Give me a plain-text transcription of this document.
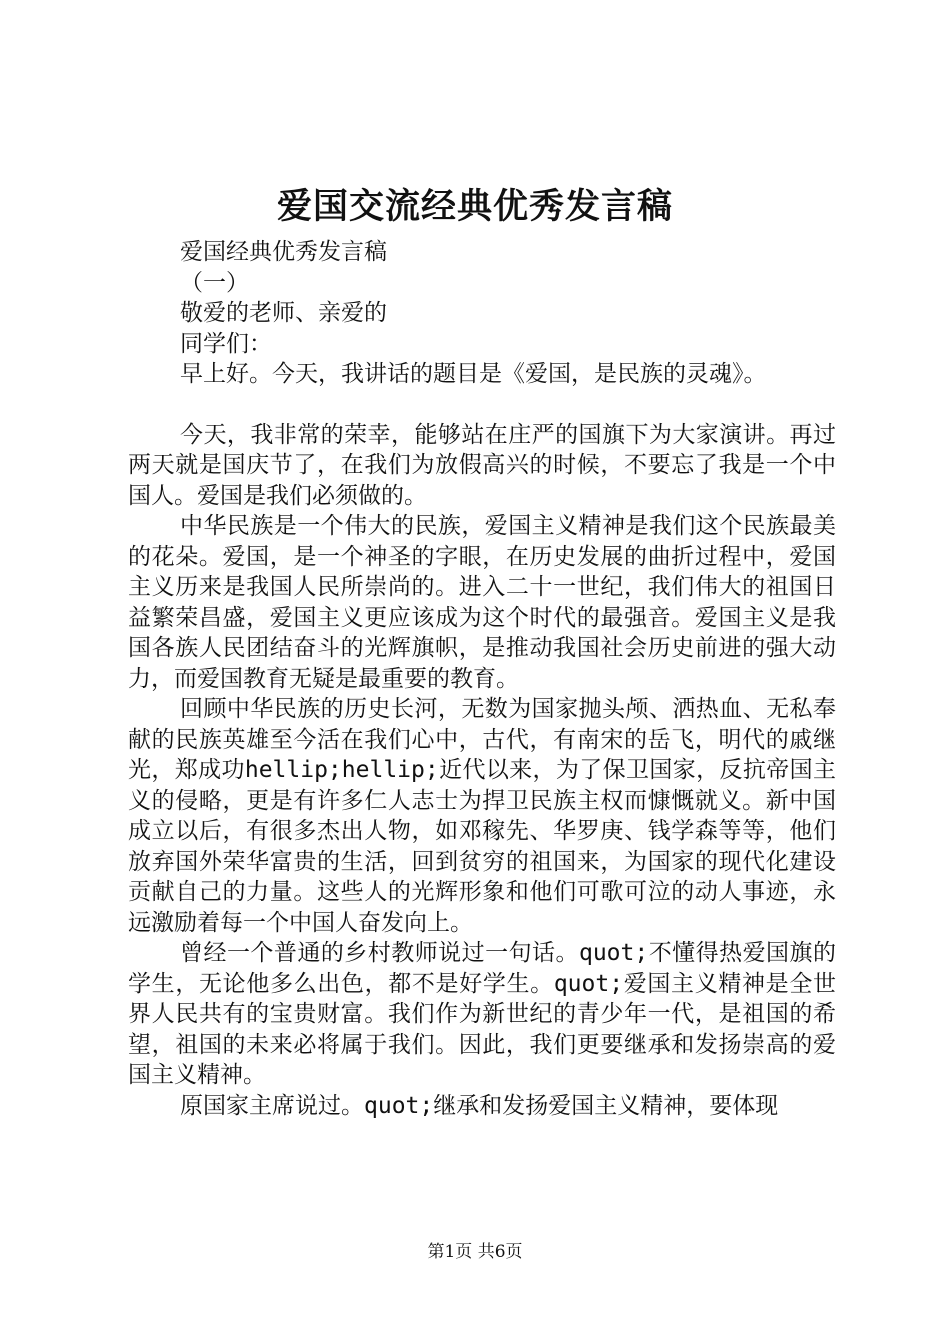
爱国交流经典优秀发言稿

爱国经典优秀发言稿

（一）

敬爱的老师、亲爱的

同学们：

早上好。今天，我讲话的题目是《爱国，是民族的灵魂》。

今天，我非常的荣幸，能够站在庄严的国旗下为大家演讲。再过两天就是国庆节了，在我们为放假高兴的时候，不要忘了我是一个中国人。爱国是我们必须做的。

中华民族是一个伟大的民族，爱国主义精神是我们这个民族最美的花朵。爱国，是一个神圣的字眼，在历史发展的曲折过程中，爱国主义历来是我国人民所崇尚的。进入二十一世纪，我们伟大的祖国日益繁荣昌盛，爱国主义更应该成为这个时代的最强音。爱国主义是我国各族人民团结奋斗的光辉旗帜，是推动我国社会历史前进的强大动力，而爱国教育无疑是最重要的教育。

回顾中华民族的历史长河，无数为国家抛头颅、洒热血、无私奉献的民族英雄至今活在我们心中，古代，有南宋的岳飞，明代的戚继光，郑成功hellip;hellip;近代以来，为了保卫国家，反抗帝国主义的侵略，更是有许多仁人志士为捍卫民族主权而慷慨就义。新中国成立以后，有很多杰出人物，如邓稼先、华罗庚、钱学森等等，他们放弃国外荣华富贵的生活，回到贫穷的祖国来，为国家的现代化建设贡献自己的力量。这些人的光辉形象和他们可歌可泣的动人事迹，永远激励着每一个中国人奋发向上。

曾经一个普通的乡村教师说过一句话。quot;不懂得热爱国旗的学生，无论他多么出色，都不是好学生。quot;爱国主义精神是全世界人民共有的宝贵财富。我们作为新世纪的青少年一代，是祖国的希望，祖国的未来必将属于我们。因此，我们更要继承和发扬崇高的爱国主义精神。

原国家主席说过。quot;继承和发扬爱国主义精神，要体现

第1页 共6页
